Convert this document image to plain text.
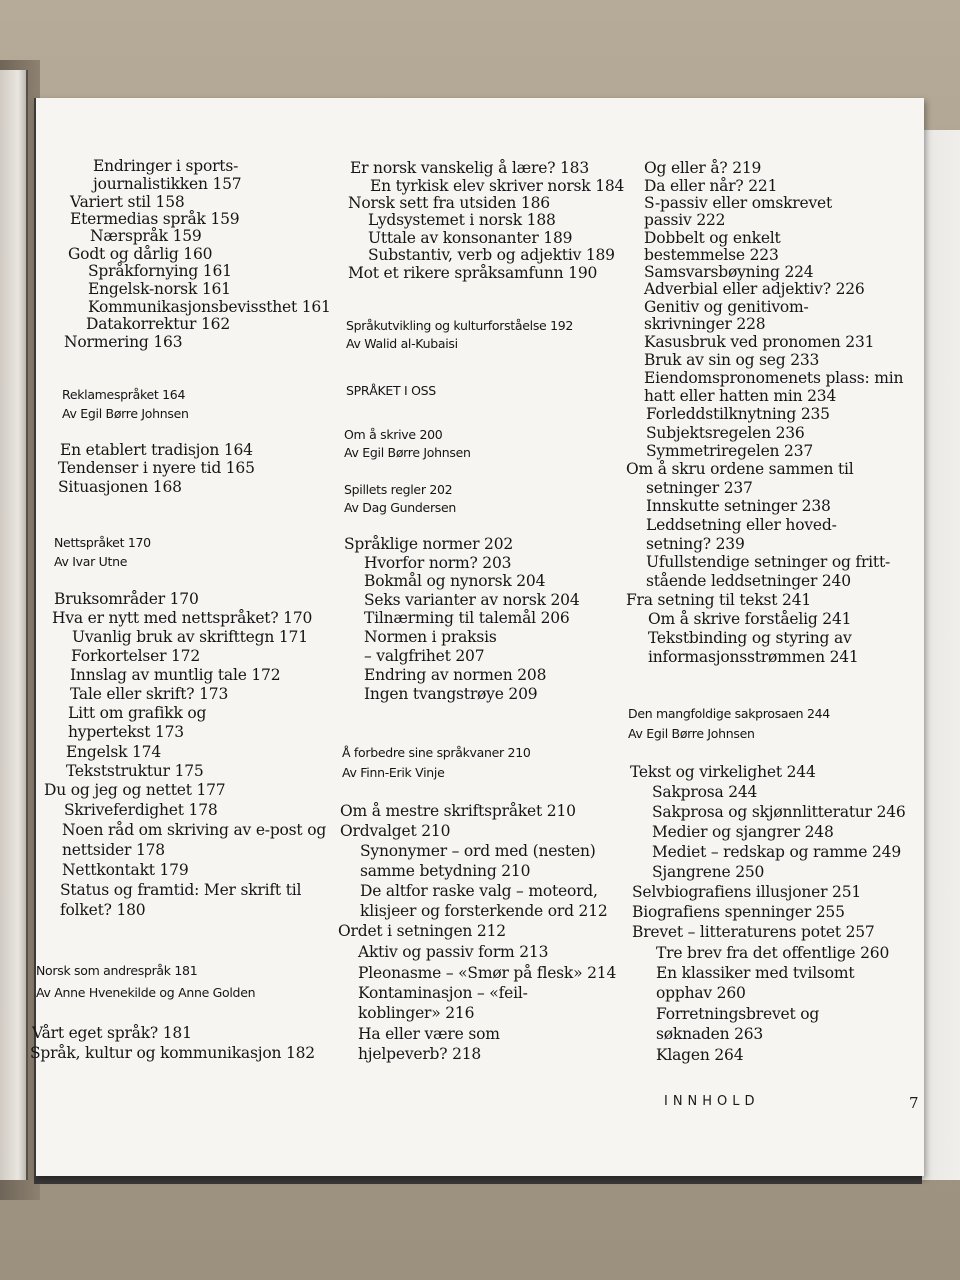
Endringer i sports-
journalistikken 157
Variert stil 158
Etermedias språk 159
Nærspråk 159
Godt og dårlig 160
Språkfornying 161
Engelsk-norsk 161
Kommunikasjonsbevissthet 161
Datakorrektur 162
Normering 163
Reklamespråket 164
Av Egil Børre Johnsen
En etablert tradisjon 164
Tendenser i nyere tid 165
Situasjonen 168
Nettspråket 170
Av Ivar Utne
Bruksområder 170
Hva er nytt med nettspråket? 170
Uvanlig bruk av skrifttegn 171
Forkortelser 172
Innslag av muntlig tale 172
Tale eller skrift? 173
Litt om grafikk og
hypertekst 173
Engelsk 174
Tekststruktur 175
Du og jeg og nettet 177
Skriveferdighet 178
Noen råd om skriving av e-post og
nettsider 178
Nettkontakt 179
Status og framtid: Mer skrift til
folket? 180
Norsk som andrespråk 181
Av Anne Hvenekilde og Anne Golden
Vårt eget språk? 181
Språk, kultur og kommunikasjon 182
Er norsk vanskelig å lære? 183
En tyrkisk elev skriver norsk 184
Norsk sett fra utsiden 186
Lydsystemet i norsk 188
Uttale av konsonanter 189
Substantiv, verb og adjektiv 189
Mot et rikere språksamfunn 190
Språkutvikling og kulturforståelse 192
Av Walid al-Kubaisi
SPRÅKET I OSS
Om å skrive 200
Av Egil Børre Johnsen
Spillets regler 202
Av Dag Gundersen
Språklige normer 202
Hvorfor norm? 203
Bokmål og nynorsk 204
Seks varianter av norsk 204
Tilnærming til talemål 206
Normen i praksis
– valgfrihet 207
Endring av normen 208
Ingen tvangstrøye 209
Å forbedre sine språkvaner 210
Av Finn-Erik Vinje
Om å mestre skriftspråket 210
Ordvalget 210
Synonymer – ord med (nesten)
samme betydning 210
De altfor raske valg – moteord,
klisjeer og forsterkende ord 212
Ordet i setningen 212
Aktiv og passiv form 213
Pleonasme – «Smør på flesk» 214
Kontaminasjon – «feil-
koblinger» 216
Ha eller være som
hjelpeverb? 218
Og eller å? 219
Da eller når? 221
S-passiv eller omskrevet
passiv 222
Dobbelt og enkelt
bestemmelse 223
Samsvarsbøyning 224
Adverbial eller adjektiv? 226
Genitiv og genitivom-
skrivninger 228
Kasusbruk ved pronomen 231
Bruk av sin og seg 233
Eiendomspronomenets plass: min
hatt eller hatten min 234
Forleddstilknytning 235
Subjektsregelen 236
Symmetriregelen 237
Om å skru ordene sammen til
setninger 237
Innskutte setninger 238
Leddsetning eller hoved-
setning? 239
Ufullstendige setninger og fritt-
stående leddsetninger 240
Fra setning til tekst 241
Om å skrive forståelig 241
Tekstbinding og styring av
informasjonsstrømmen 241
Den mangfoldige sakprosaen 244
Av Egil Børre Johnsen
Tekst og virkelighet 244
Sakprosa 244
Sakprosa og skjønnlitteratur 246
Medier og sjangrer 248
Mediet – redskap og ramme 249
Sjangrene 250
Selvbiografiens illusjoner 251
Biografiens spenninger 255
Brevet – litteraturens potet 257
Tre brev fra det offentlige 260
En klassiker med tvilsomt
opphav 260
Forretningsbrevet og
søknaden 263
Klagen 264
INNHOLD	7
